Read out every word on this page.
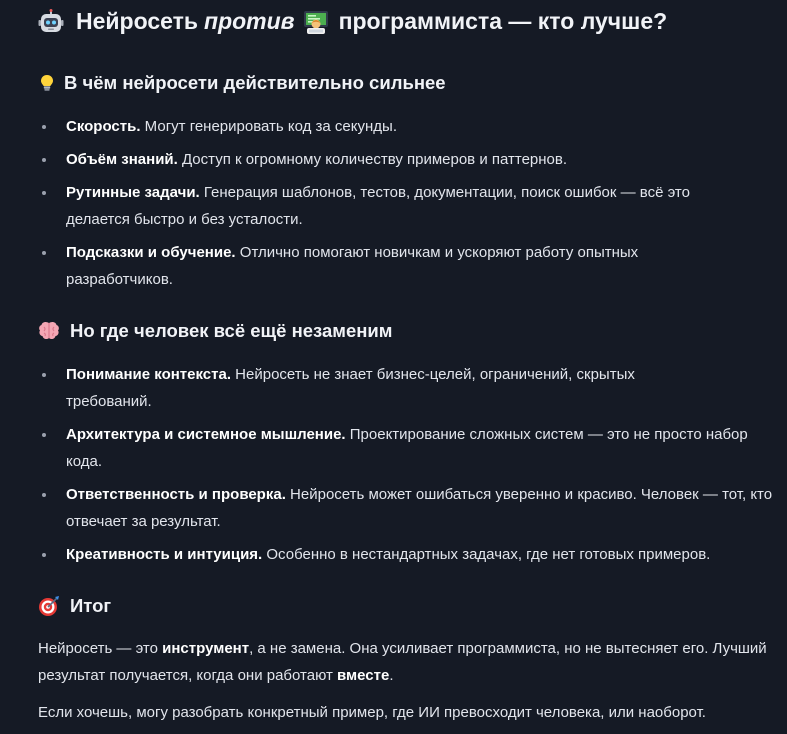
Нейросеть против программиста — кто лучше?
В чём нейросети действительно сильнее
Скорость. Могут генерировать код за секунды.
Объём знаний. Доступ к огромному количеству примеров и паттернов.
Рутинные задачи. Генерация шаблонов, тестов, документации, поиск ошибок — всё это делается быстро и без усталости.
Подсказки и обучение. Отлично помогают новичкам и ускоряют работу опытных разработчиков.
Но где человек всё ещё незаменим
Понимание контекста. Нейросеть не знает бизнес-целей, ограничений, скрытых требований.
Архитектура и системное мышление. Проектирование сложных систем — это не просто набор кода.
Ответственность и проверка. Нейросеть может ошибаться уверенно и красиво. Человек — тот, кто отвечает за результат.
Креативность и интуиция. Особенно в нестандартных задачах, где нет готовых примеров.
Итог

Нейросеть — это инструмент, а не замена. Она усиливает программиста, но не вытесняет его. Лучший результат получается, когда они работают вместе.

Если хочешь, могу разобрать конкретный пример, где ИИ превосходит человека, или наоборот.
